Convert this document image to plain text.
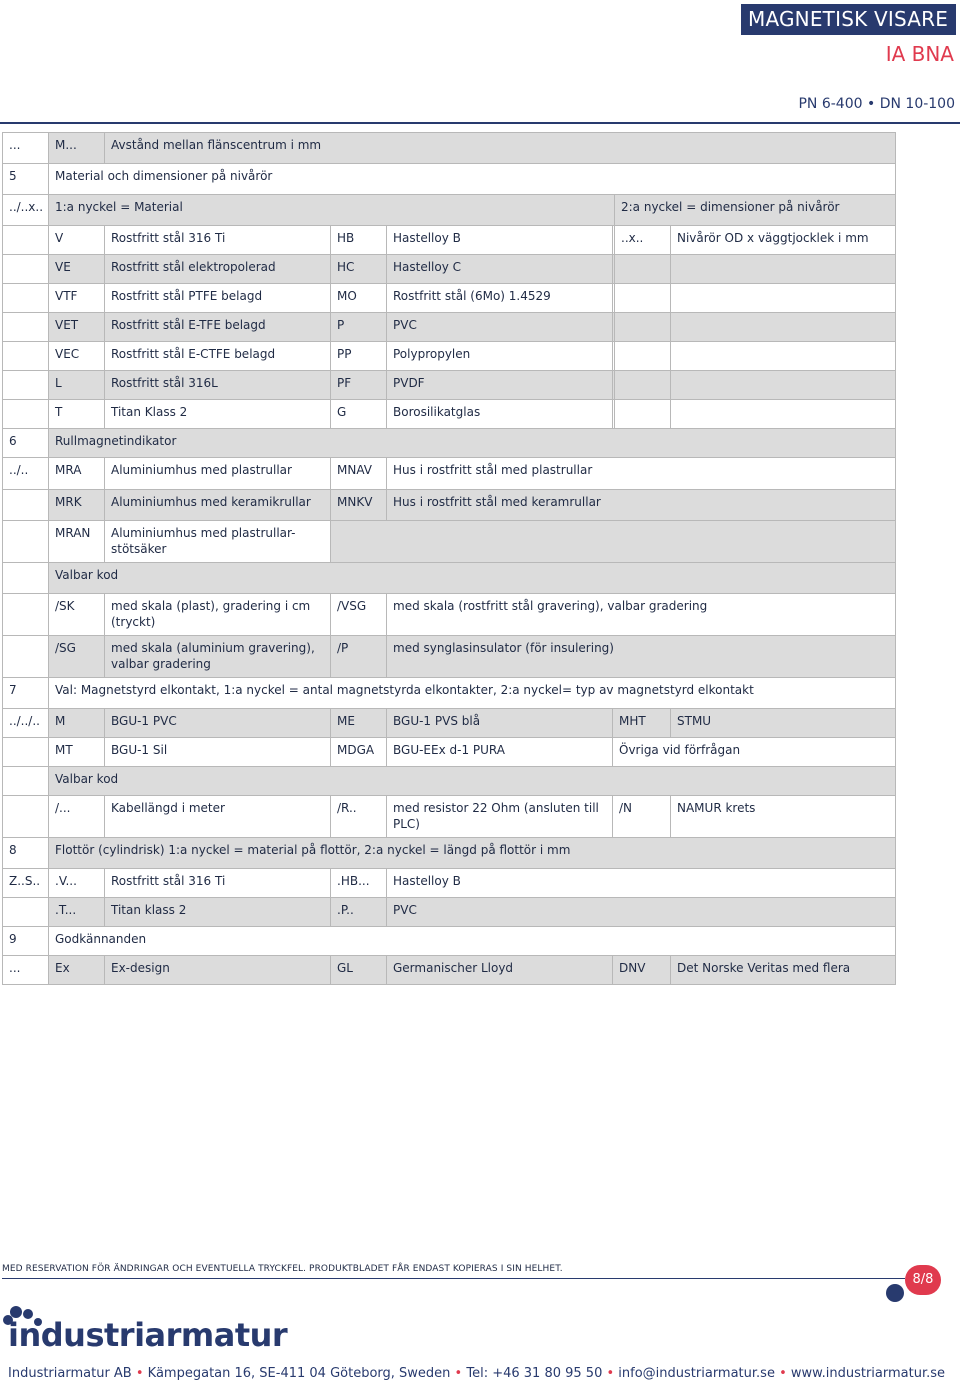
MAGNETISK VISARE
IA BNA
PN 6-400 • DN 10-100
...	M...	Avstånd mellan flänscentrum i mm					
5	Material och dimensioner på nivårör						
../..x..	1:a nyckel = Material					2:a nyckel = dimensioner på nivårör	
	V	Rostfritt stål 316 Ti	HB	Hastelloy B		..x..	Nivårör OD x väggtjocklek i mm
	VE	Rostfritt stål elektropolerad	HC	Hastelloy C			
	VTF	Rostfritt stål PTFE belagd	MO	Rostfritt stål (6Mo) 1.4529			
	VET	Rostfritt stål E-TFE belagd	P	PVC			
	VEC	Rostfritt stål E-CTFE belagd	PP	Polypropylen			
	L	Rostfritt stål 316L	PF	PVDF			
	T	Titan Klass 2	G	Borosilikatglas			
6	Rullmagnetindikator						
../..	MRA	Aluminiumhus med plastrullar	MNAV	Hus i rostfritt stål med plastrullar			
	MRK	Aluminiumhus med keramikrullar	MNKV	Hus i rostfritt stål med keramrullar			
	MRAN	Aluminiumhus med plastrullar-stötsäker					
	Valbar kod						
	/SK	med skala (plast), gradering i cm (tryckt)	/VSG	med skala (rostfritt stål gravering), valbar gradering			
	/SG	med skala (aluminium gravering), valbar gradering	/P	med synglasinsulator (för insulering)			
7	Val: Magnetstyrd elkontakt, 1:a nyckel = antal magnetstyrda elkontakter, 2:a nyckel= typ av magnetstyrd elkontakt						
../../..	M	BGU-1 PVC	ME	BGU-1 PVS blå	MHT		STMU
	MT	BGU-1 Sil	MDGA	BGU-EEx d-1 PURA	Övriga vid förfrågan		
	Valbar kod						
	/...	Kabellängd i meter	/R..	med resistor 22 Ohm (ansluten till PLC)	/N		NAMUR krets
8	Flottör (cylindrisk) 1:a nyckel = material på flottör, 2:a nyckel = längd på flottör i mm						
Z..S..	.V...	Rostfritt stål 316 Ti	.HB...	Hastelloy B			
	.T...	Titan klass 2	.P..	PVC			
9	Godkännanden						
...	Ex	Ex-design	GL	Germanischer Lloyd	DNV		Det Norske Veritas med flera
MED RESERVATION FÖR ÄNDRINGAR OCH EVENTUELLA TRYCKFEL. PRODUKTBLADET FÅR ENDAST KOPIERAS I SIN HELHET.
8/8
industriarmatur
Industriarmatur AB • Kämpegatan 16, SE-411 04 Göteborg, Sweden • Tel: +46 31 80 95 50 • info@industriarmatur.se • www.industriarmatur.se
